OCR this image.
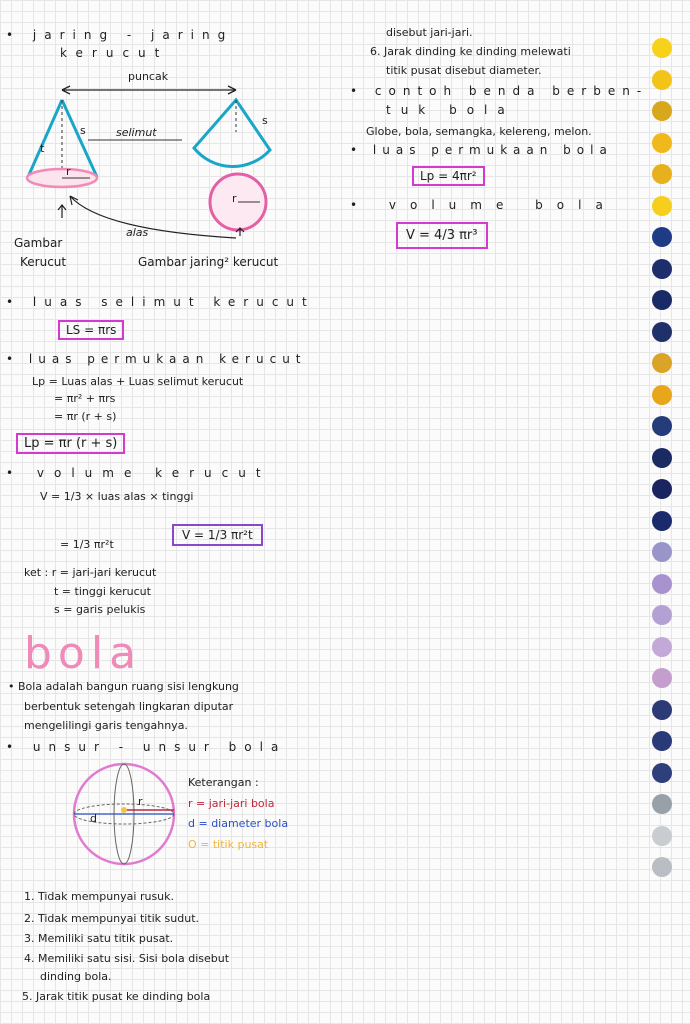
• jaring - jaring
kerucut
puncak
s	selimut
t
r
s
r
alas
Gambar
Kerucut	Gambar jaring² kerucut
• luas selimut kerucut
LS = πrs
• luas permukaan kerucut
Lp = Luas alas + Luas selimut kerucut
= πr² + πrs
= πr (r + s)
Lp = πr (r + s)
• volume kerucut
V = 1/3 × luas alas × tinggi
= 1/3 πr²t
V = 1/3 πr²t
ket : r = jari-jari kerucut
t = tinggi kerucut
s = garis pelukis
bola
• Bola adalah bangun ruang sisi lengkung
berbentuk setengah lingkaran diputar
mengelilingi garis tengahnya.
• unsur - unsur bola
r
d
Keterangan :
r = jari-jari bola
d = diameter bola
O = titik pusat
1. Tidak mempunyai rusuk.
2. Tidak mempunyai titik sudut.
3. Memiliki satu titik pusat.
4. Memiliki satu sisi. Sisi bola disebut
dinding bola.
5. Jarak titik pusat ke dinding bola
disebut jari-jari.
6. Jarak dinding ke dinding melewati
titik pusat disebut diameter.
• contoh benda berben-
tuk bola
Globe, bola, semangka, kelereng, melon.
• luas permukaan bola
Lp = 4πr²
• volume bola
V = 4/3 πr³
